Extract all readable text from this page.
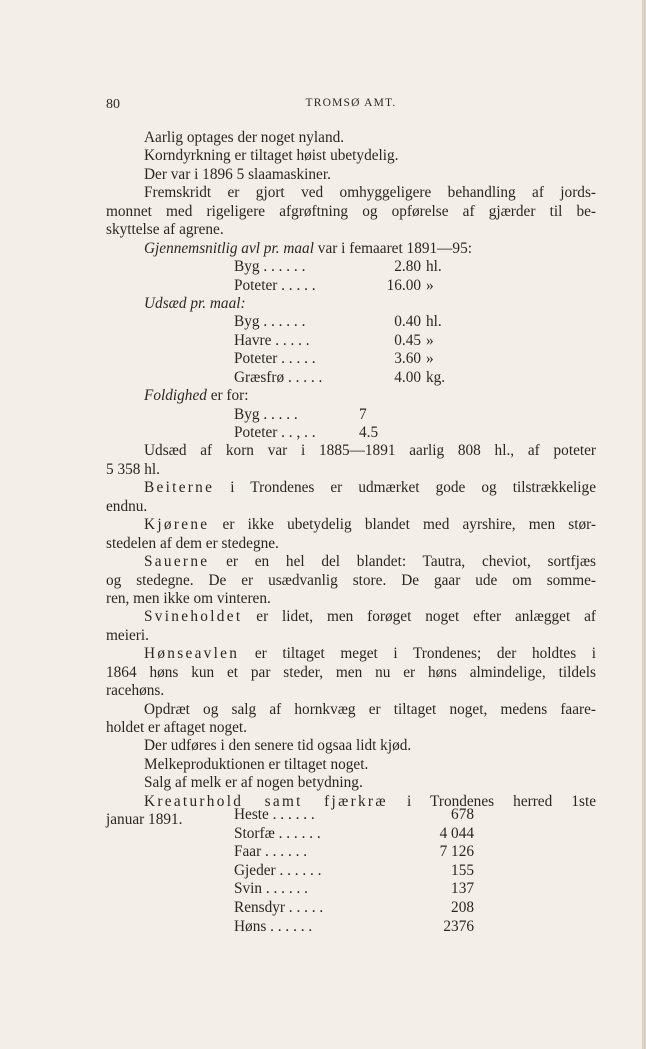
80	TROMSØ AMT.
Aarlig optages der noget nyland.
Korndyrkning er tiltaget høist ubetydelig.
Der var i 1896 5 slaamaskiner.
Fremskridt er gjort ved omhyggeligere behandling af jords-
monnet med rigeligere afgrøftning og opførelse af gjærder til be-
skyttelse af agrene.
Gjennemsnitlig avl pr. maal var i femaaret 1891—95:
Byg . . . . . .	2.80 hl.
Poteter . . . . .	16.00 »
Udsæd pr. maal:
Byg . . . . . .	0.40 hl.
Havre . . . . .	0.45 »
Poteter . . . . .	3.60 »
Græsfrø . . . . .	4.00 kg.
Foldighed er for:
Byg . . . . .	7
Poteter . . , . .	4.5
Udsæd af korn var i 1885—1891 aarlig 808 hl., af poteter
5 358 hl.
Beiterne i Trondenes er udmærket gode og tilstrækkelige
endnu.
Kjørene er ikke ubetydelig blandet med ayrshire, men stør-
stedelen af dem er stedegne.
Sauerne er en hel del blandet: Tautra, cheviot, sortfjæs
og stedegne. De er usædvanlig store. De gaar ude om somme-
ren, men ikke om vinteren.
Svineholdet er lidet, men forøget noget efter anlægget af
meieri.
Hønseavlen er tiltaget meget i Trondenes; der holdtes i
1864 høns kun et par steder, men nu er høns almindelige, tildels
racehøns.
Opdræt og salg af hornkvæg er tiltaget noget, medens faare-
holdet er aftaget noget.
Der udføres i den senere tid ogsaa lidt kjød.
Melkeproduktionen er tiltaget noget.
Salg af melk er af nogen betydning.
Kreaturhold samt fjærkræ i Trondenes herred 1ste
januar 1891.	Heste . . . . . .	678
Storfæ . . . . . .	4 044
Faar . . . . . .	7 126
Gjeder . . . . . .	155
Svin . . . . . .	137
Rensdyr . . . . .	208
Høns . . . . . .	2376
